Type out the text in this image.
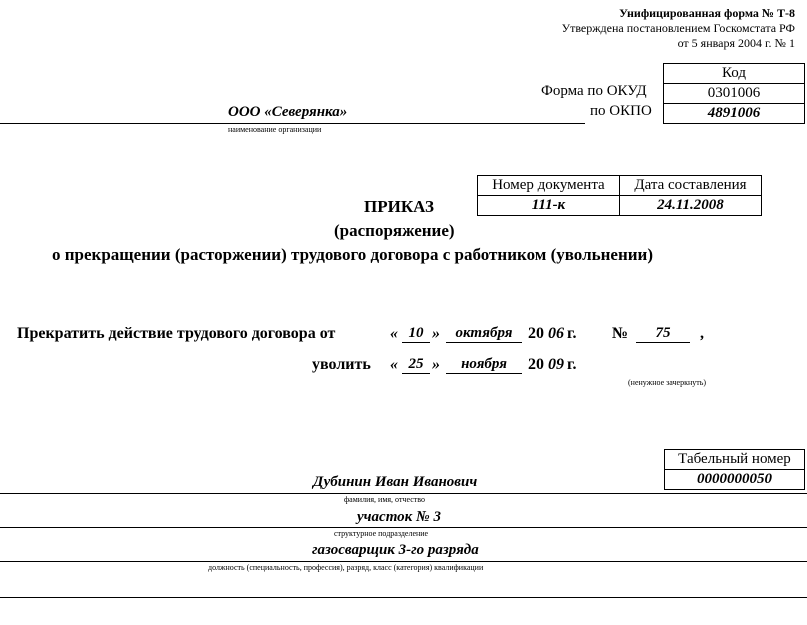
Унифицированная форма № Т-8
Утверждена постановлением Госкомстата РФ
от 5 января 2004 г. № 1
Код
0301006
4891006
Форма по ОКУД
по ОКПО
ООО «Северянка»
наименование организации
Номер документа	Дата составления
111-к	24.11.2008
ПРИКАЗ
(распоряжение)
о прекращении (расторжении) трудового договора с работником (увольнении)
Прекратить действие трудового договора от	« 10 »	октября 20 06 г. №	75	,
уволить « 25 »	ноября	20 09 г.
(ненужное зачеркнуть)
Табельный номер
0000000050
Дубинин Иван Иванович
фамилия, имя, отчество
участок № 3
структурное подразделение
газосварщик 3-го разряда
должность (специальность, профессия), разряд, класс (категория) квалификации
